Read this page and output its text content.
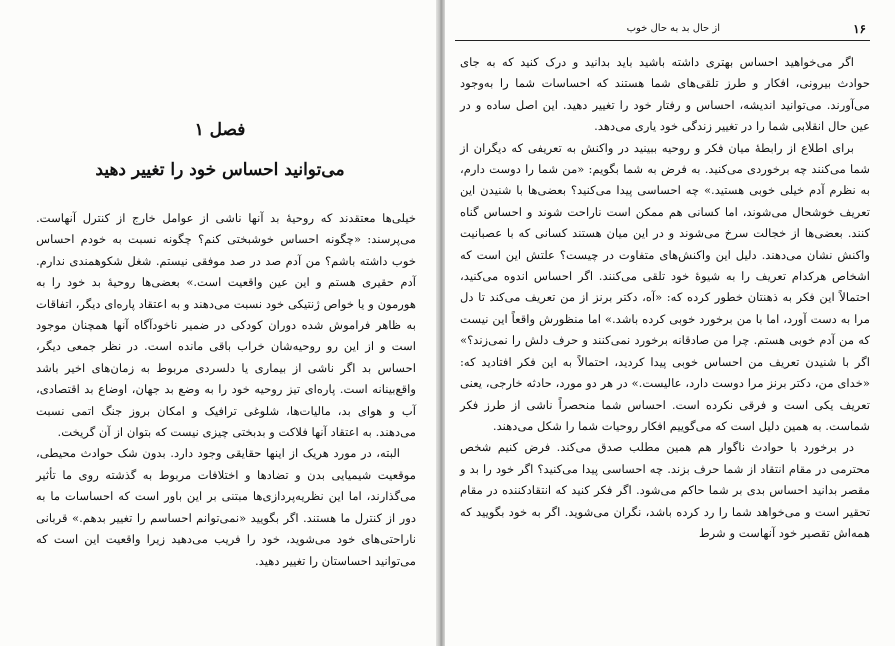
فصل ۱
می‌توانید احساس خود را تغییر دهید

خیلی‌ها معتقدند که روحیهٔ بد آنها ناشی از عوامل خارج از کنترل آنهاست. می‌پرسند: «چگونه احساس خوشبختی کنم؟ چگونه نسبت به خودم احساس خوب داشته باشم؟ من آدم صد در صد موفقی نیستم. شغل شکوهمندی ندارم. آدم حقیری هستم و این عین واقعیت است.» بعضی‌ها روحیهٔ بد خود را به هورمون و یا خواص ژنتیکی خود نسبت می‌دهند و به اعتقاد پاره‌ای دیگر، اتفاقات به ظاهر فراموش شده دوران کودکی در ضمیر ناخودآگاه آنها همچنان موجود است و از این رو روحیه‌شان خراب باقی مانده است. در نظر جمعی دیگر، احساس بد اگر ناشی از بیماری یا دلسردی مربوط به زمان‌های اخیر باشد واقع‌بینانه است. پاره‌ای تیز روحیه خود را به وضع بد جهان، اوضاع بد اقتصادی، آب و هوای بد، مالیات‌ها، شلوغی ترافیک و امکان بروز جنگ اتمی نسبت می‌دهند. به اعتقاد آنها فلاکت و بدبختی چیزی نیست که بتوان از آن گریخت.

البته، در مورد هریک از اینها حقایقی وجود دارد. بدون شک حوادث محیطی، موقعیت شیمیایی بدن و تضادها و اختلافات مربوط به گذشته روی ما تأثیر می‌گذارند، اما این نظریه‌پردازی‌ها مبتنی بر این باور است که احساسات ما به دور از کنترل ما هستند. اگر بگویید «نمی‌توانم احساسم را تغییر بدهم.» قربانی ناراحتی‌های خود می‌شوید، خود را فریب می‌دهید زیرا واقعیت این است که می‌توانید احساستان را تغییر دهید.

۱۶
از حال بد به حال خوب

اگر می‌خواهید احساس بهتری داشته باشید باید بدانید و درک کنید که به جای حوادث بیرونی، افکار و طرز تلقی‌های شما هستند که احساسات شما را به‌وجود می‌آورند. می‌توانید اندیشه، احساس و رفتار خود را تغییر دهید. این اصل ساده و در عین حال انقلابی شما را در تغییر زندگی خود یاری می‌دهد.

برای اطلاع از رابطهٔ میان فکر و روحیه ببینید در واکنش به تعریفی که دیگران از شما می‌کنند چه برخوردی می‌کنید. به فرض به شما بگویم: «من شما را دوست دارم، به نظرم آدم خیلی خوبی هستید.» چه احساسی پیدا می‌کنید؟ بعضی‌ها با شنیدن این تعریف خوشحال می‌شوند، اما کسانی هم ممکن است ناراحت شوند و احساس گناه کنند. بعضی‌ها از خجالت سرخ می‌شوند و در این میان هستند کسانی که با عصبانیت واکنش نشان می‌دهند. دلیل این واکنش‌های متفاوت در چیست؟ علتش این است که اشخاص هرکدام تعریف را به شیوهٔ خود تلقی می‌کنند. اگر احساس اندوه می‌کنید، احتمالاً این فکر به ذهنتان خطور کرده که: «آه، دکتر برنز از من تعریف می‌کند تا دل مرا به دست آورد، اما با من برخورد خوبی کرده باشد.» اما منظورش واقعاً این نیست که من آدم خوبی هستم. چرا من صادقانه برخورد نمی‌کنند و حرف دلش را نمی‌زند؟» اگر با شنیدن تعریف من احساس خوبی پیدا کردید، احتمالاً به این فکر افتادید که: «خدای من، دکتر برنز مرا دوست دارد، عالیست.» در هر دو مورد، حادثه خارجی، یعنی تعریف یکی است و فرقی نکرده است. احساس شما منحصراً ناشی از طرز فکر شماست. به همین دلیل است که می‌گوییم افکار روحیات شما را شکل می‌دهند.

در برخورد با حوادث ناگوار هم همین مطلب صدق می‌کند. فرض کنیم شخص محترمی در مقام انتقاد از شما حرف بزند. چه احساسی پیدا می‌کنید؟ اگر خود را بد و مقصر بدانید احساس بدی بر شما حاکم می‌شود. اگر فکر کنید که انتقادکننده در مقام تحقیر است و می‌خواهد شما را رد کرده باشد، نگران می‌شوید. اگر به خود بگویید که همه‌اش تقصیر خود آنهاست و شرط
